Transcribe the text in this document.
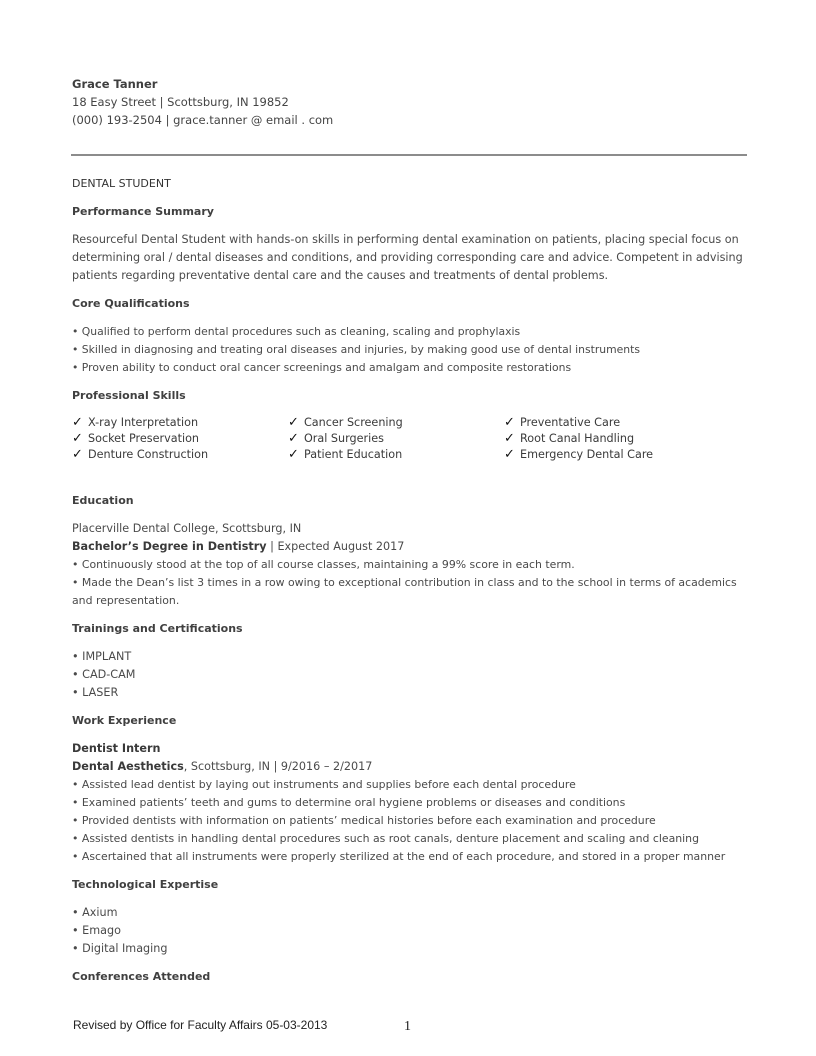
Grace Tanner
18 Easy Street | Scottsburg, IN 19852
(000) 193-2504 | grace.tanner @ email . com
DENTAL STUDENT
Performance Summary
Resourceful Dental Student with hands-on skills in performing dental examination on patients, placing special focus on
determining oral / dental diseases and conditions, and providing corresponding care and advice. Competent in advising
patients regarding preventative dental care and the causes and treatments of dental problems.
Core Qualifications
• Qualified to perform dental procedures such as cleaning, scaling and prophylaxis
• Skilled in diagnosing and treating oral diseases and injuries, by making good use of dental instruments
• Proven ability to conduct oral cancer screenings and amalgam and composite restorations
Professional Skills
✓ X-ray Interpretation
✓ Socket Preservation
✓ Denture Construction
✓ Cancer Screening
✓ Oral Surgeries
✓ Patient Education
✓ Preventative Care
✓ Root Canal Handling
✓ Emergency Dental Care
Education
Placerville Dental College, Scottsburg, IN
Bachelor’s Degree in Dentistry | Expected August 2017
• Continuously stood at the top of all course classes, maintaining a 99% score in each term.
• Made the Dean’s list 3 times in a row owing to exceptional contribution in class and to the school in terms of academics
and representation.
Trainings and Certifications
• IMPLANT
• CAD-CAM
• LASER
Work Experience
Dentist Intern
Dental Aesthetics, Scottsburg, IN | 9/2016 – 2/2017
• Assisted lead dentist by laying out instruments and supplies before each dental procedure
• Examined patients’ teeth and gums to determine oral hygiene problems or diseases and conditions
• Provided dentists with information on patients’ medical histories before each examination and procedure
• Assisted dentists in handling dental procedures such as root canals, denture placement and scaling and cleaning
• Ascertained that all instruments were properly sterilized at the end of each procedure, and stored in a proper manner
Technological Expertise
• Axium
• Emago
• Digital Imaging
Conferences Attended
Revised by Office for Faculty Affairs 05-03-2013	1
